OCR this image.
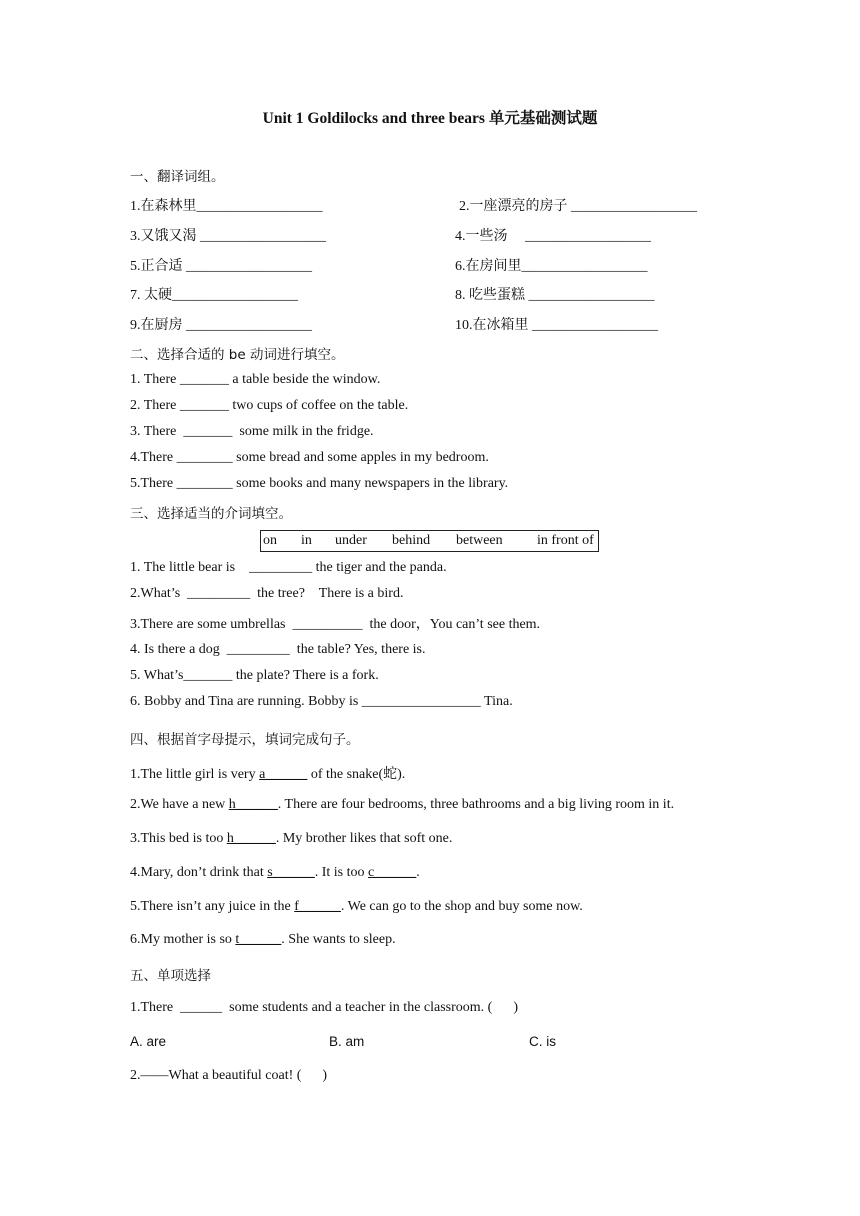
Unit 1 Goldilocks and three bears 单元基础测试题
一、翻译词组。
1.在森林里__________________	2.一座漂亮的房子 __________________
3.又饿又渴 __________________	4.一些汤     __________________
5.正合适 __________________	6.在房间里__________________
7. 太硬__________________	8. 吃些蛋糕 __________________
9.在厨房 __________________	10.在冰箱里 __________________
二、选择合适的 be 动词进行填空。
1. There _______ a table beside the window.
2. There _______ two cups of coffee on the table.
3. There  _______  some milk in the fridge.
4.There ________ some bread and some apples in my bedroom.
5.There ________ some books and many newspapers in the library.
三、选择适当的介词填空。

on

in

under

behind

between

in front of

1. The little bear is    _________ the tiger and the panda.
2.What’s  _________  the tree?    There is a bird.
3.There are some umbrellas  __________  the door，You can’t see them.
4. Is there a dog  _________  the table? Yes, there is.
5. What’s_______ the plate? There is a fork.
6. Bobby and Tina are running. Bobby is _________________ Tina.
四、根据首字母提示，填词完成句子。
1.The little girl is very a______ of the snake(蛇).
2.We have a new h______. There are four bedrooms, three bathrooms and a big living room in it.
3.This bed is too h______. My brother likes that soft one.
4.Mary, don’t drink that s______. It is too c______.
5.There isn’t any juice in the f______. We can go to the shop and buy some now.
6.My mother is so t______. She wants to sleep.
五、单项选择
1.There  ______  some students and a teacher in the classroom. (      )
A. are	B. am	C. is
2.——What a beautiful coat! (      )
